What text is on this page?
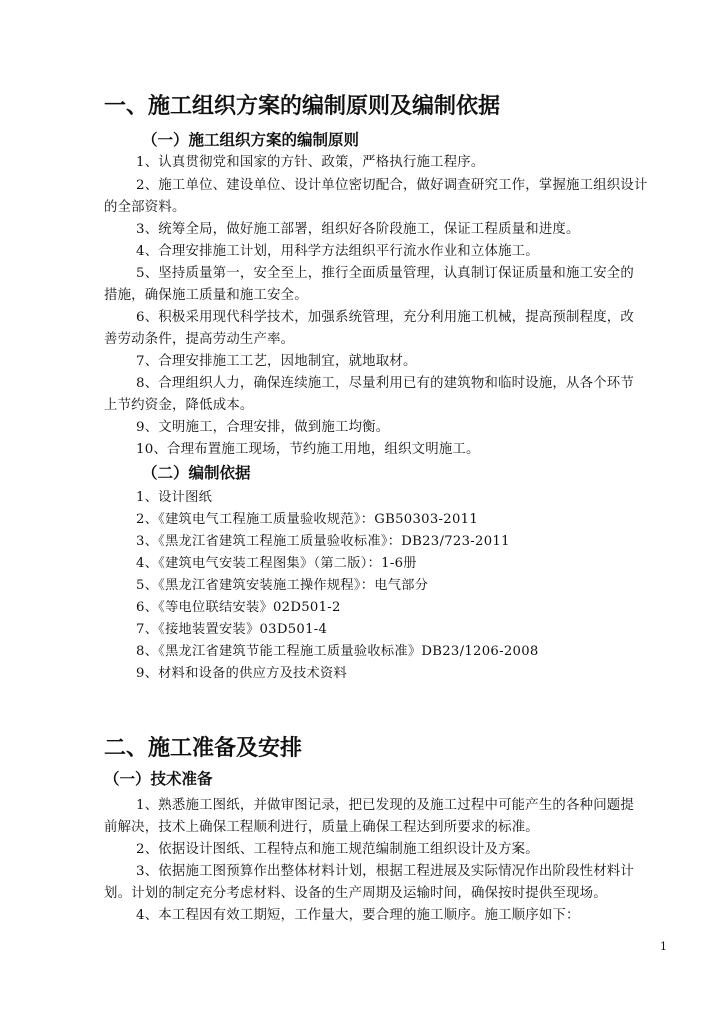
一、施工组织方案的编制原则及编制依据
（一）施工组织方案的编制原则
1、认真贯彻党和国家的方针、政策，严格执行施工程序。
2、施工单位、建设单位、设计单位密切配合，做好调查研究工作，掌握施工组织设计
的全部资料。
3、统筹全局，做好施工部署，组织好各阶段施工，保证工程质量和进度。
4、合理安排施工计划，用科学方法组织平行流水作业和立体施工。
5、坚持质量第一，安全至上，推行全面质量管理，认真制订保证质量和施工安全的
措施，确保施工质量和施工安全。
6、积极采用现代科学技术，加强系统管理，充分利用施工机械，提高预制程度，改
善劳动条件，提高劳动生产率。
7、合理安排施工工艺，因地制宜，就地取材。
8、合理组织人力，确保连续施工，尽量利用已有的建筑物和临时设施，从各个环节
上节约资金，降低成本。
9、文明施工，合理安排，做到施工均衡。
10、合理布置施工现场，节约施工用地，组织文明施工。
（二）编制依据
1、设计图纸
2、《建筑电气工程施工质量验收规范》：GB50303-2011
3、《黑龙江省建筑工程施工质量验收标准》：DB23/723-2011
4、《建筑电气安装工程图集》（第二版）：1-6册
5、《黑龙江省建筑安装施工操作规程》：电气部分
6、《等电位联结安装》02D501-2
7、《接地装置安装》03D501-4
8、《黑龙江省建筑节能工程施工质量验收标准》DB23/1206-2008
9、材料和设备的供应方及技术资料
二、施工准备及安排
（一）技术准备
1、熟悉施工图纸，并做审图记录，把已发现的及施工过程中可能产生的各种问题提
前解决，技术上确保工程顺利进行，质量上确保工程达到所要求的标准。
2、依据设计图纸、工程特点和施工规范编制施工组织设计及方案。
3、依据施工图预算作出整体材料计划，根据工程进展及实际情况作出阶段性材料计
划。计划的制定充分考虑材料、设备的生产周期及运输时间，确保按时提供至现场。
4、本工程因有效工期短，工作量大，要合理的施工顺序。施工顺序如下：
1
